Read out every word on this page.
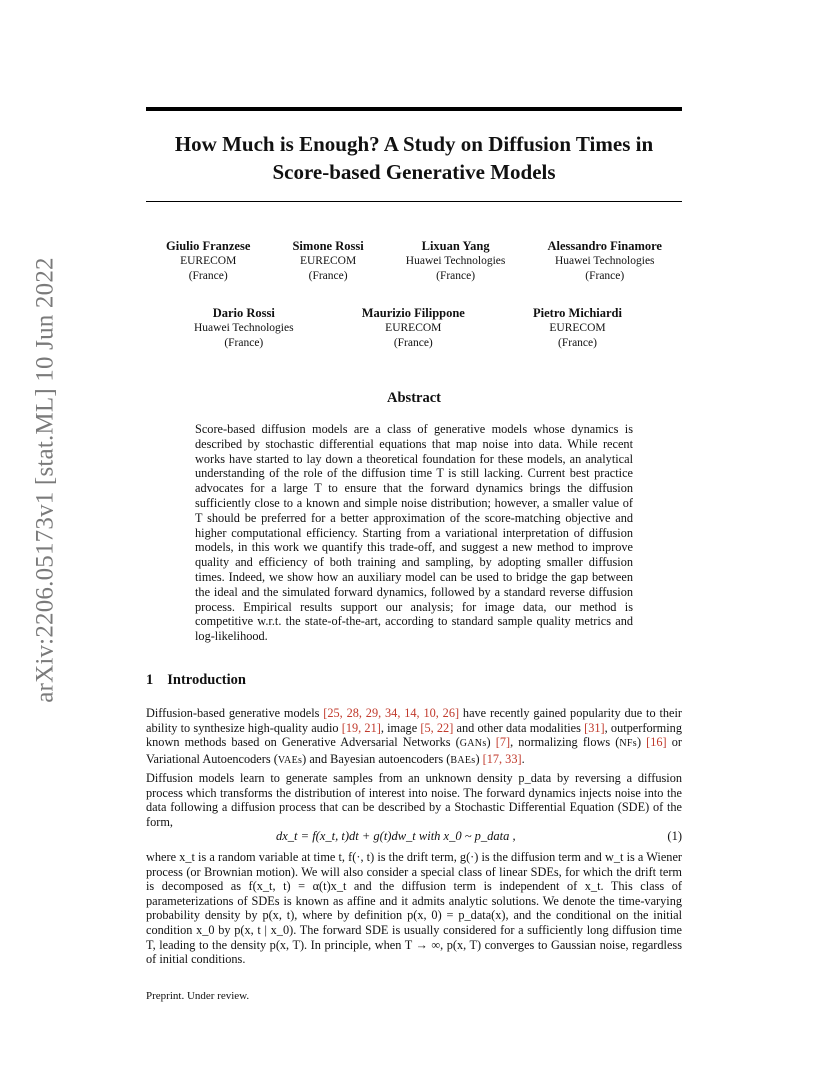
arXiv:2206.05173v1 [stat.ML] 10 Jun 2022
How Much is Enough? A Study on Diffusion Times in Score-based Generative Models
Giulio Franzese
EURECOM
(France)
Simone Rossi
EURECOM
(France)
Lixuan Yang
Huawei Technologies
(France)
Alessandro Finamore
Huawei Technologies
(France)
Dario Rossi
Huawei Technologies
(France)
Maurizio Filippone
EURECOM
(France)
Pietro Michiardi
EURECOM
(France)
Abstract
Score-based diffusion models are a class of generative models whose dynamics is described by stochastic differential equations that map noise into data. While recent works have started to lay down a theoretical foundation for these models, an analytical understanding of the role of the diffusion time T is still lacking. Current best practice advocates for a large T to ensure that the forward dynamics brings the diffusion sufficiently close to a known and simple noise distribution; however, a smaller value of T should be preferred for a better approximation of the score-matching objective and higher computational efficiency. Starting from a variational interpretation of diffusion models, in this work we quantify this trade-off, and suggest a new method to improve quality and efficiency of both training and sampling, by adopting smaller diffusion times. Indeed, we show how an auxiliary model can be used to bridge the gap between the ideal and the simulated forward dynamics, followed by a standard reverse diffusion process. Empirical results support our analysis; for image data, our method is competitive w.r.t. the state-of-the-art, according to standard sample quality metrics and log-likelihood.
1 Introduction
Diffusion-based generative models [25, 28, 29, 34, 14, 10, 26] have recently gained popularity due to their ability to synthesize high-quality audio [19, 21], image [5, 22] and other data modalities [31], outperforming known methods based on Generative Adversarial Networks (GANs) [7], normalizing flows (NFs) [16] or Variational Autoencoders (VAEs) and Bayesian autoencoders (BAEs) [17, 33].
Diffusion models learn to generate samples from an unknown density p_data by reversing a diffusion process which transforms the distribution of interest into noise. The forward dynamics injects noise into the data following a diffusion process that can be described by a Stochastic Differential Equation (SDE) of the form,
dx_t = f(x_t, t)dt + g(t)dw_t with x_0 ~ p_data ,	(1)
where x_t is a random variable at time t, f(·, t) is the drift term, g(·) is the diffusion term and w_t is a Wiener process (or Brownian motion). We will also consider a special class of linear SDEs, for which the drift term is decomposed as f(x_t, t) = α(t)x_t and the diffusion term is independent of x_t. This class of parameterizations of SDEs is known as affine and it admits analytic solutions. We denote the time-varying probability density by p(x, t), where by definition p(x, 0) = p_data(x), and the conditional on the initial condition x_0 by p(x, t | x_0). The forward SDE is usually considered for a sufficiently long diffusion time T, leading to the density p(x, T). In principle, when T → ∞, p(x, T) converges to Gaussian noise, regardless of initial conditions.
Preprint. Under review.
